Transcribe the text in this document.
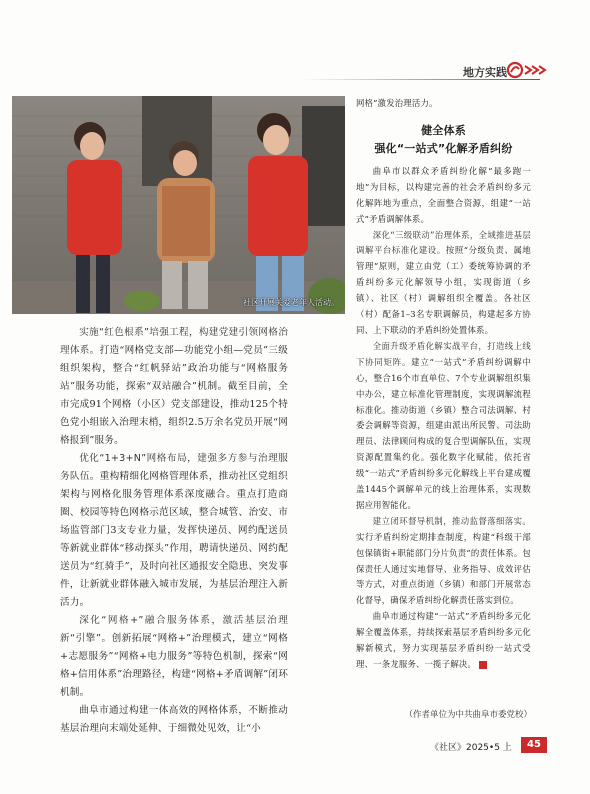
地方实践
社区开展关爱老年人活动。

实施“红色根系”培强工程，构建党建引领网格治理体系。打造“网格党支部—功能党小组—党员”三级组织架构，整合“红帆驿站”政治功能与“网格服务站”服务功能，探索“双站融合”机制。截至目前，全市完成91个网格（小区）党支部建设，推动125个特色党小组嵌入治理末梢，组织2.5万余名党员开展“网格报到”服务。

优化“1+3+N”网格布局，建强多方参与治理服务队伍。重构精细化网格管理体系，推动社区党组织架构与网格化服务管理体系深度融合。重点打造商圈、校园等特色网格示范区域，整合城管、治安、市场监管部门3支专业力量，发挥快递员、网约配送员等新就业群体“移动探头”作用，聘请快递员、网约配送员为“红骑手”，及时向社区通报安全隐患、突发事件，让新就业群体融入城市发展，为基层治理注入新活力。

深化“网格+”融合服务体系，激活基层治理新“引擎”。创新拓展“网格+”治理模式，建立“网格+志愿服务”“网格+电力服务”等特色机制，探索“网格+信用体系”治理路径，构建“网格+矛盾调解”闭环机制。

曲阜市通过构建一体高效的网格体系，不断推动基层治理向末端处延伸、于细微处见效，让“小

网格”激发治理活力。

健全体系
强化“一站式”化解矛盾纠纷

曲阜市以群众矛盾纠纷化解“最多跑一地”为目标，以构建完善的社会矛盾纠纷多元化解阵地为重点，全面整合资源，组建“一站式”矛盾调解体系。

深化“三级联动”治理体系，全域推进基层调解平台标准化建设。按照“分级负责、属地管理”原则，建立由党（工）委统筹协调的矛盾纠纷多元化解领导小组，实现街道（乡镇）、社区（村）调解组织全覆盖。各社区（村）配备1–3名专职调解员，构建起多方协同、上下联动的矛盾纠纷处置体系。

全面升级矛盾化解实战平台，打造线上线下协同矩阵。建立“一站式”矛盾纠纷调解中心，整合16个市直单位、7个专业调解组织集中办公，建立标准化管理制度，实现调解流程标准化。推动街道（乡镇）整合司法调解、村委会调解等资源，组建由派出所民警、司法助理员、法律顾问构成的复合型调解队伍，实现资源配置集约化。强化数字化赋能，依托省级“一站式”矛盾纠纷多元化解线上平台建成覆盖1445个调解单元的线上治理体系，实现数据应用智能化。

建立闭环督导机制，推动监督落细落实。实行矛盾纠纷定期排查制度，构建“科级干部包保镇街+职能部门分片负责”的责任体系。包保责任人通过实地督导、业务指导、成效评估等方式，对重点街道（乡镇）和部门开展常态化督导，确保矛盾纠纷化解责任落实到位。

曲阜市通过构建“一站式”矛盾纠纷多元化解全覆盖体系，持续探索基层矛盾纠纷多元化解新模式，努力实现基层矛盾纠纷一站式受理、一条龙服务、一揽子解决。

（作者单位为中共曲阜市委党校）
《社区》2025•5 上	45
